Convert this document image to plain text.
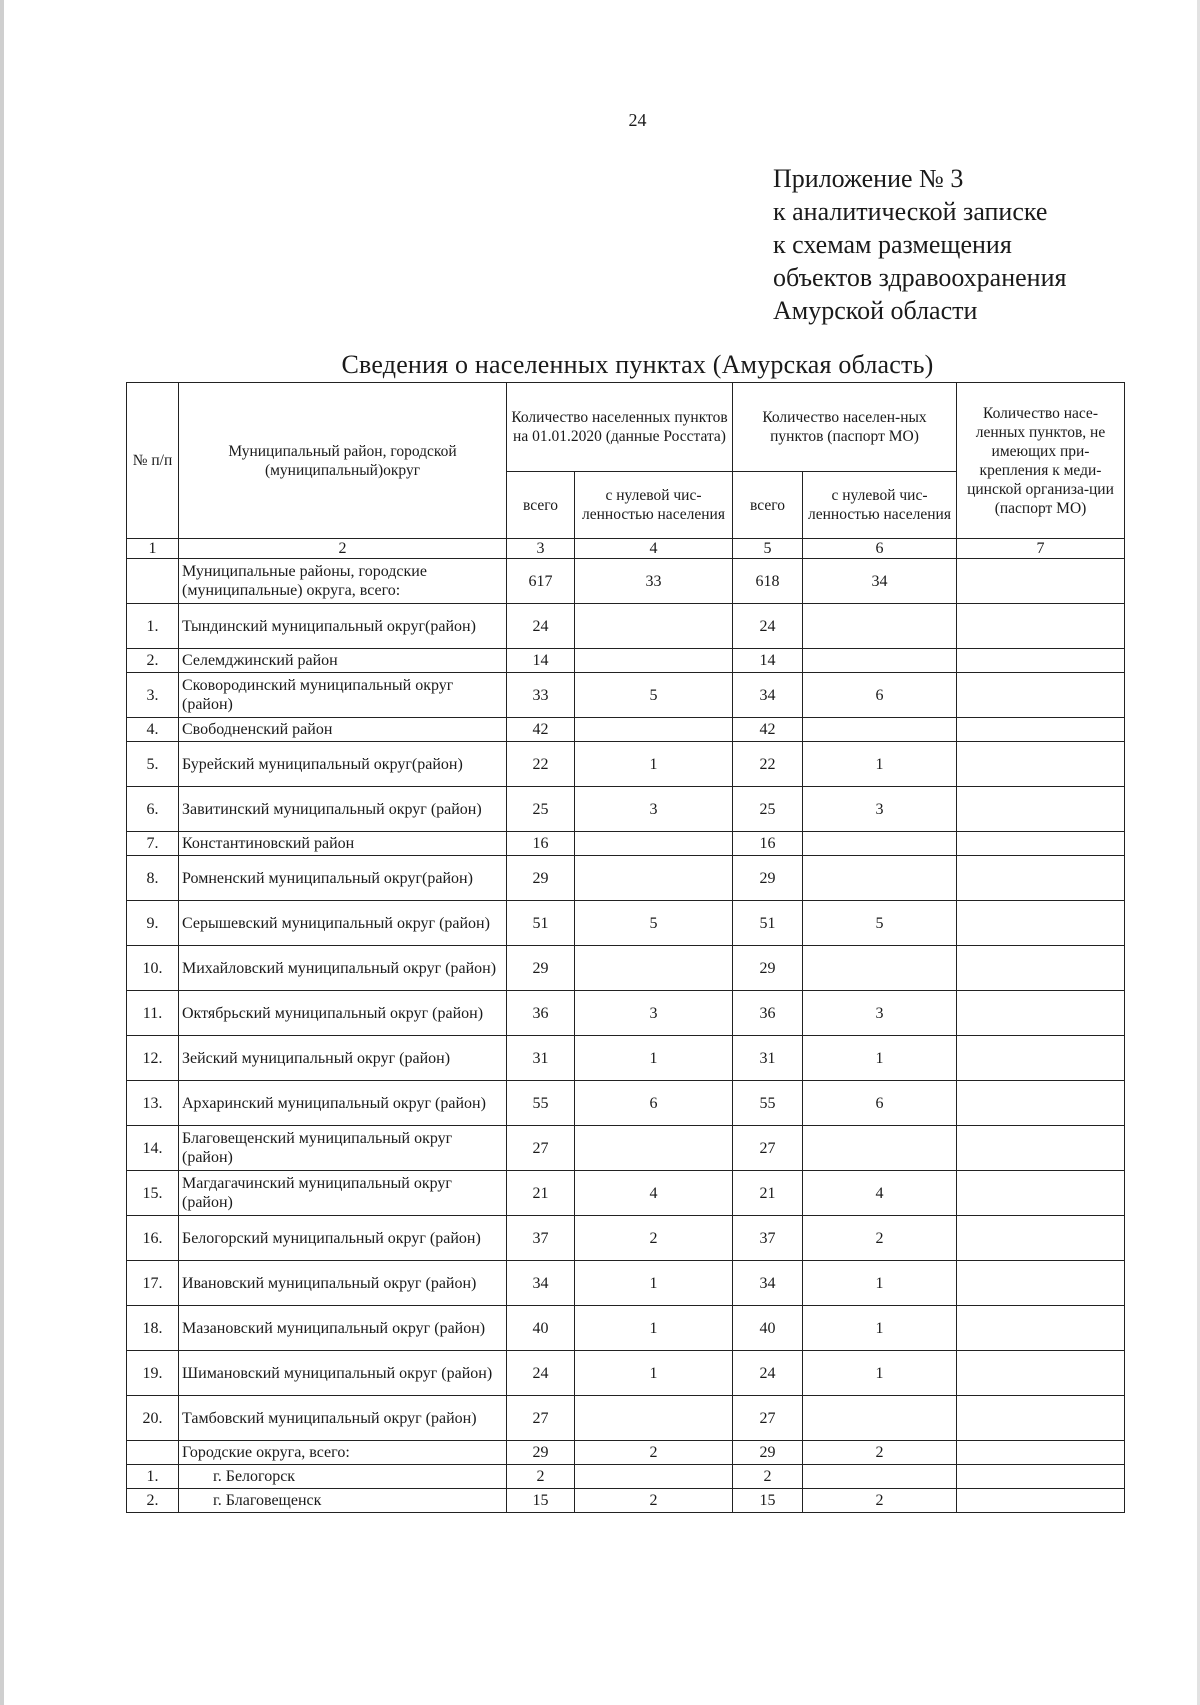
24
Приложение № 3
к аналитической записке
к схемам размещения
объектов здравоохранения
Амурской области
Сведения о населенных пунктах (Амурская область)
№ п/п	Муниципальный район, городской (муниципальный)округ	Количество населенных пунктов на 01.01.2020 (данные Росстата)		Количество населен-ных пунктов (паспорт МО)		Количество насе-ленных пунктов, не имеющих при-крепления к меди-цинской организа-ции (паспорт МО)
		всего	с нулевой чис-ленностью населения	всего	с нулевой чис-ленностью населения	
1	2	3	4	5	6	7
	Муниципальные районы, городские (муниципальные) округа, всего:	617	33	618	34	
1.	Тындинский муниципальный округ(район)	24		24		
2.	Селемджинский район	14		14		
3.	Сковородинский муниципальный округ (район)	33	5	34	6	
4.	Свободненский район	42		42		
5.	Бурейский муниципальный округ(район)	22	1	22	1	
6.	Завитинский муниципальный округ (район)	25	3	25	3	
7.	Константиновский район	16		16		
8.	Ромненский муниципальный округ(район)	29		29		
9.	Серышевский муниципальный округ (район)	51	5	51	5	
10.	Михайловский муниципальный округ (район)	29		29		
11.	Октябрьский муниципальный округ (район)	36	3	36	3	
12.	Зейский муниципальный округ (район)	31	1	31	1	
13.	Архаринский муниципальный округ (район)	55	6	55	6	
14.	Благовещенский муниципальный округ (район)	27		27		
15.	Магдагачинский муниципальный округ (район)	21	4	21	4	
16.	Белогорский муниципальный округ (район)	37	2	37	2	
17.	Ивановский муниципальный округ (район)	34	1	34	1	
18.	Мазановский муниципальный округ (район)	40	1	40	1	
19.	Шимановский муниципальный округ (район)	24	1	24	1	
20.	Тамбовский муниципальный округ (район)	27		27		
	Городские округа, всего:	29	2	29	2	
1.	г. Белогорск	2		2		
2.	г. Благовещенск	15	2	15	2	
